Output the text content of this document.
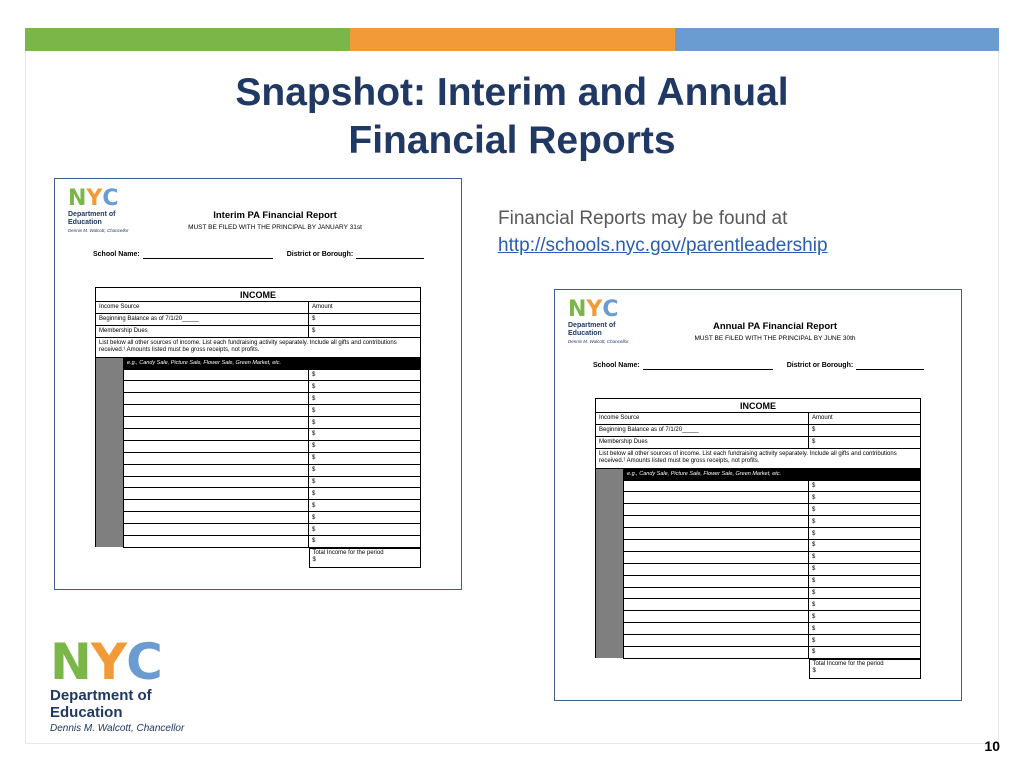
Snapshot: Interim and Annual
Financial Reports
Financial Reports may be found at
http://schools.nyc.gov/parentleadership
N Y C
Department of
Education
Dennis M. Walcott, Chancellor
Interim PA Financial Report
MUST BE FILED WITH THE PRINCIPAL BY JANUARY 31st
School Name:	District or Borough:
INCOME		
Income Source		Amount
Beginning Balance as of 7/1/20_____		$
Membership Dues		$
List below all other sources of income. List each fundraising activity separately. Include all gifts and contributions received.¹ Amounts listed must be gross receipts, not profits.		
	e.g., Candy Sale, Picture Sale, Flower Sale, Green Market, etc.	
		$
		$
		$
		$
		$
		$
		$
		$
		$
		$
		$
		$
		$
		$
		$

		Total Income for the period
$
N Y C
Department of
Education
Dennis M. Walcott, Chancellor
Annual PA Financial Report
MUST BE FILED WITH THE PRINCIPAL BY JUNE 30th
School Name:	District or Borough:
INCOME		
Income Source		Amount
Beginning Balance as of 7/1/20_____		$
Membership Dues		$
List below all other sources of income. List each fundraising activity separately. Include all gifts and contributions received.¹ Amounts listed must be gross receipts, not profits.		
	e.g., Candy Sale, Picture Sale, Flower Sale, Green Market, etc.	
		$
		$
		$
		$
		$
		$
		$
		$
		$
		$
		$
		$
		$
		$
		$

		Total Income for the period
$
N Y C
Department of
Education
Dennis M. Walcott, Chancellor
10
